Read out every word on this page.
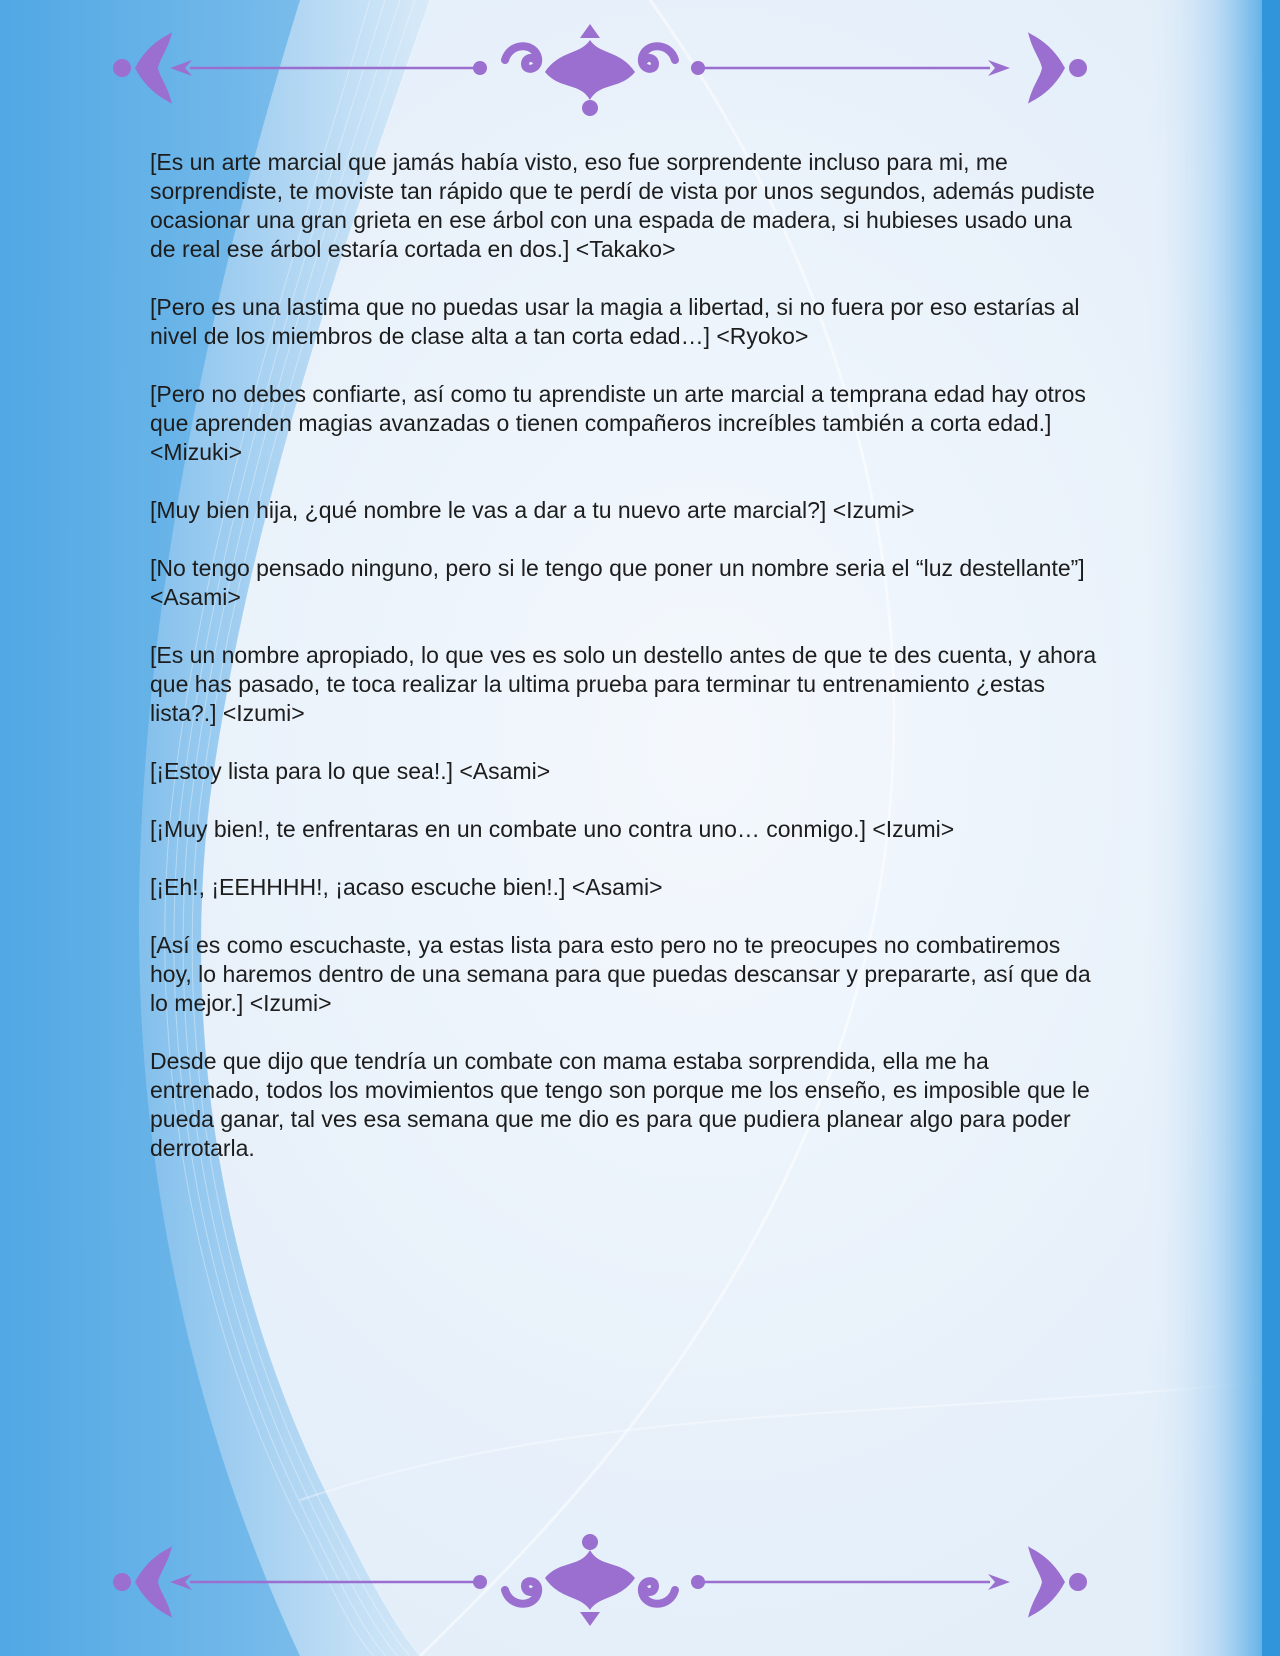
[Es un arte marcial que jamás había visto, eso fue sorprendente incluso para mi, me sorprendiste, te moviste tan rápido que te perdí de vista por unos segundos, además pudiste ocasionar una gran grieta en ese árbol con una espada de madera, si hubieses usado una de real ese árbol estaría cortada en dos.] <Takako>

[Pero es una lastima que no puedas usar la magia a libertad, si no fuera por eso estarías al nivel de los miembros de clase alta a tan corta edad…] <Ryoko>

[Pero no debes confiarte, así como tu aprendiste un arte marcial a temprana edad hay otros que aprenden magias avanzadas o tienen compañeros increíbles también a corta edad.] <Mizuki>

[Muy bien hija, ¿qué nombre le vas a dar a tu nuevo arte marcial?] <Izumi>

[No tengo pensado ninguno, pero si le tengo que poner un nombre seria el “luz destellante”] <Asami>

[Es un nombre apropiado, lo que ves es solo un destello antes de que te des cuenta, y ahora que has pasado, te toca realizar la ultima prueba para terminar tu entrenamiento ¿estas lista?.] <Izumi>

[¡Estoy lista para lo que sea!.] <Asami>

[¡Muy bien!, te enfrentaras en un combate uno contra uno… conmigo.] <Izumi>

[¡Eh!, ¡EEHHHH!, ¡acaso escuche bien!.] <Asami>

[Así es como escuchaste, ya estas lista para esto pero no te preocupes no combatiremos hoy, lo haremos dentro de una semana para que puedas descansar y prepararte, así que da lo mejor.] <Izumi>

Desde que dijo que tendría un combate con mama estaba sorprendida, ella me ha entrenado, todos los movimientos que tengo son porque me los enseño, es imposible que le pueda ganar, tal ves esa semana que me dio es para que pudiera planear algo para poder derrotarla.
